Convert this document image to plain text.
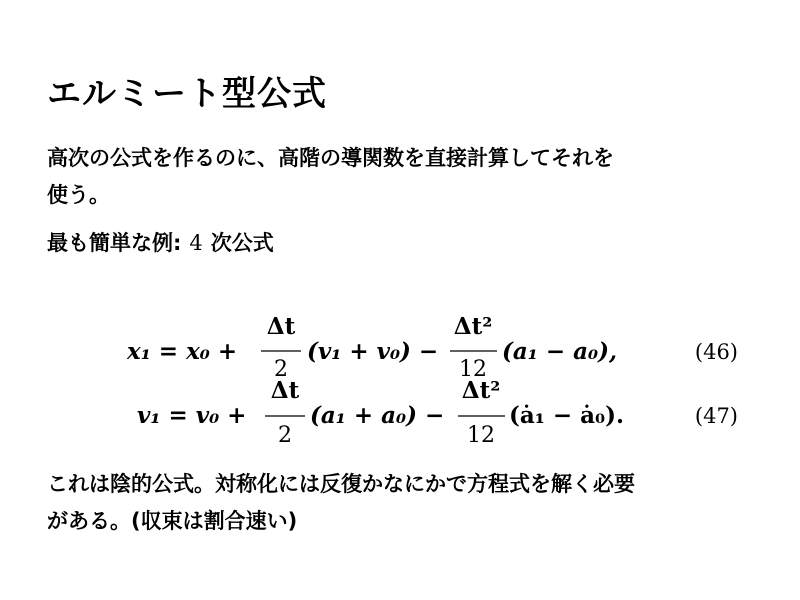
エルミート型公式
高次の公式を作るのに、高階の導関数を直接計算してそれを
使う。
最も簡単な例: 4 次公式
x₁ = x₀ +
Δt
2
(v₁ + v₀) −
Δt²
12
(a₁ − a₀),	(46)
v₁ = v₀ +
Δt
2
(a₁ + a₀) −
Δt²
12
(ȧ₁ − ȧ₀).	(47)
これは陰的公式。対称化には反復かなにかで方程式を解く必要
がある。(収束は割合速い)
